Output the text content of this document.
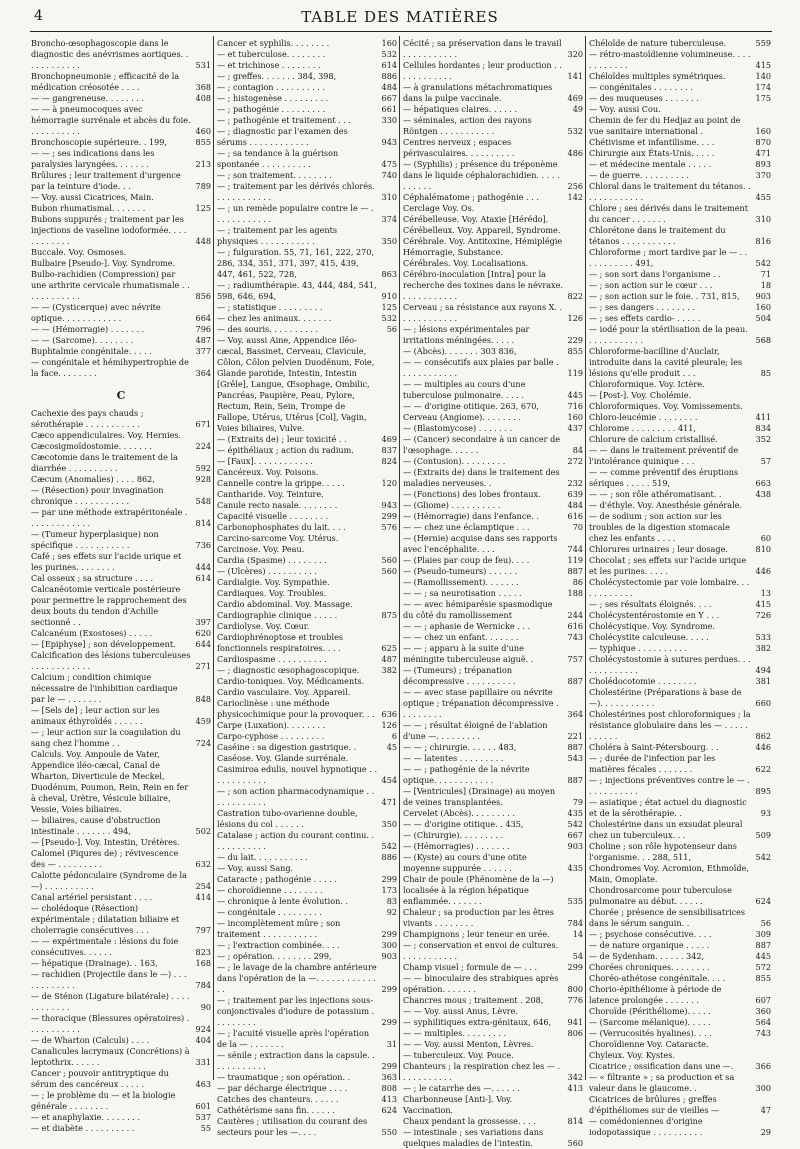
4	TABLE DES MATIÈRES
Broncho-œsophagoscopie dans le diagnostic des anévrismes aortiques. . . . . . . . . . . .	531
Bronchopneumonie ; efficacité de la médication créosotée . . . .	368
— — gangreneuse. . . . . . . .	408
— — à pneumocoques avec hémorragie surrénale et abcès du foie. . . . . . . . . . .	460
Bronchoscopie supérieure. . 199,	855
— — ; ses indications dans les paralysies laryngées. . . . . . .	213
Brûlures ; leur traitement d'urgence par la teinture d'iode. . .	789
— Voy. aussi Cicatrices, Main.
Bubon rhumatismal. . . . . . .	125
Bubons suppurés ; traitement par les injections de vaseline iodoformée. . . . . . . . . . . .	448
Buccale. Voy. Osmoses.
Bulbaire [Pseudo-]. Voy. Syndrome.
Bulbo-rachidien (Compression) par une arthrite cervicale rhumatismale . . . . . . . . . . . .	856
— — (Cysticerque) avec névrite optique. . . . . . . . . . . .	664
— — (Hémorragie) . . . . . . .	796
— — (Sarcome). . . . . . . .	487
Buphtalmie congénitale. . . . .	377
— congénitale et hémihypertrophie de la face. . . . . . . .	364
C
Cachexie des pays chauds ; sérothérapie . . . . . . . . . . .	671
Cæco appendiculaires. Voy. Hernies.
Cæcosigmoïdostomie. . . . . . .	224
Cæcotomie dans le traitement de la diarrhée . . . . . . . . . .	592
Cæcum (Anomalies) . . . . 862,	928
— (Résection) pour invagination chronique . . . . . . . . . . .	548
— par une méthode extrapéritonéale . . . . . . . . . . . . .	814
— (Tumeur hyperplasique) non spécifique . . . . . . . . . . .	736
Café ; ses effets sur l'acide urique et les purines. . . . . . . .	444
Cal osseux ; sa structure . . . .	614
Calcanéotomie verticale postérieure pour permettre le rapprochement des deux bouts du tendon d'Achille sectionné . .	397
Calcanéum (Exostoses) . . . . .	620
— [Epiphyse] ; son développement.	644
Calcification des lésions tuberculeuses . . . . . . . . . . . .	271
Calcium ; condition chimique nécessaire de l'inhibition cardiaque par le — . . . . . . .	848
— [Sels de] ; leur action sur les animaux éthyroïdés . . . . . .	459
— ; leur action sur la coagulation du sang chez l'homme . .	724
Calculs. Voy. Ampoule de Vater, Appendice iléo-cæcal, Canal de Wharton, Diverticule de Meckel, Duodénum, Poumon, Rein, Rein en fer à cheval, Urètre, Vésicule biliaire, Vessie, Voies biliaires.
— biliaires, cause d'obstruction intestinale . . . . . . . 494,	502
— [Pseudo-]. Voy. Intestin, Urétères.
Calomel (Piqures de) ; révivescence des — . . . . . . . . .	632
Calotte pédonculaire (Syndrome de la —) . . . . . . . . . .	254
Canal artériel persistant . . . .	414
— cholédoque (Résection) expérimentale ; dilatation biliaire et cholerragie consécutives . . .	797
— — expérimentale : lésions du foie consécutives. . . . . .	823
— hépatique (Drainage). . 163,	168
— rachidien (Projectile dans le —) . . . . . . . . . . . .	784
— de Sténon (Ligature bilatérale) . . . . . . . . . . . .	90
— thoracique (Blessures opératoires) . . . . . . . . . . .	924
— de Wharton (Calculs) . . . .	404
Canalicules lacrymaux (Concrétions) à leptothrix. . . . . .	331
Cancer ; pouvoir antitryptique du sérum des cancéreux . . . . .	463
— ; le problème du — et la biologie générale . . . . . . . .	601
— et anaphylaxie. . . . . . . .	537
— et diabète . . . . . . . . . .	55
Cancer et syphilis. . . . . . . .	160
— et tuberculose. . . . . . . .	532
— et trichinose . . . . . . . .	614
— ; greffes. . . . . . . 384, 398,	886
— ; contagion . . . . . . . . . .	484
— ; histogenèse . . . . . . . . .	667
— ; pathogénie . . . . . . . . .	661
— ; pathogénie et traitement . . .	330
— ; diagnostic par l'examen des sérums . . . . . . . . . . . .	943
— ; sa tendance à la guérison spontanée . . . . . . . . . .	475
— ; son traitement. . . . . . . .	740
— ; traitement par les dérivés chlorés. . . . . . . . . . . .	310
— ; un remède populaire contre le — . . . . . . . . . . . .	374
— ; traitement par les agents physiques . . . . . . . . . . .	350
— ; fulguration. 55, 71, 161, 222, 270, 286, 334, 351, 371, 397, 415, 439, 447, 461, 522, 728,	863
— ; radiumthérapie. 43, 444, 484, 541, 598, 646, 694,	910
— ; statistique . . . . . . . . .	125
— chez les animaux. . . . . . .	532
— des souris. . . . . . . . . .	56
— Voy. aussi Aine, Appendice iléo-cæcal, Bassinet, Cerveau, Clavicule, Côlon, Côlon pelvien Duodénum, Foie, Glande parotide, Intestin, Intestin [Grêle], Langue, Œsophage, Ombilic, Pancréas, Paupière, Peau, Pylore, Rectum, Rein, Sein, Trompe de Fallope, Utérus, Utérus [Col], Vagin, Voies biliaires, Vulve.
— (Extraits de) ; leur toxicité . .	469
— épithéliaux ; action du radium.	837
— [Faux]. . . . . . . . . . . .	824
Cancéreux. Voy. Poisons.
Cannelle contre la grippe. . . . .	120
Cantharide. Voy. Teinture.
Canule recto nasale. . . . . . . .	943
Capacité visuelle . . . . . . . .	299
Carbonophosphates du lait. . . .	576
Carcino-sarcome Voy. Utérus.
Carcinose. Voy. Peau.
Cardia (Spasme) . . . . . . . .	560
— (Ulcères) . . . . . . . . . .	560
Cardialgie. Voy. Sympathie.
Cardiaques. Voy. Troubles.
Cardio abdominal. Voy. Massage.
Cardiographie clinique . . . . .	875
Cardiolyse. Voy. Cœur.
Cardiophrénoptose et troubles fonctionnels respiratoires. . . .	625
Cardiospasme . . . . . . . . . .	487
— ; diagnostic œsophagoscopique.	382
Cardio-toniques. Voy. Médicaments.
Cardio vasculaire. Voy. Appareil.
Carioclinèse : une méthode physicochimique pour la provoquer. . . 636
Carpe (Luxation). . . . . . . .	126
Carpo-cyphose . . . . . . . . .	6
Caséine : sa digestion gastrique. .	45
Caséose. Voy. Glande surrénale.
Casimiroa edulis, nouvel hypnotique . . . . . . . . . . . .	454
— ; son action pharmacodynamique . . . . . . . . . . . .	471
Castration tubo-ovarienne double, lésions du col . . . . . .	350
Catalase ; action du courant continu. . . . . . . . . . . .	542
— du lait. . . . . . . . . . .	886
— Voy. aussi Sang.
Cataracte ; pathogénie . . . . .	299
— choroïdienne . . . . . . . .	173
— chronique à lente évolution. .	83
— congénitale . . . . . . . . .	92
— incomplètement mûre ; son traitement . . . . . . . . . . .	299
— ; l'extraction combinée. . . .	300
— ; opération. . . . . . . . 299,	903
— ; le lavage de la chambre antérieure dans l'opération de la —. . . . . . . . . . . . . .	299
— ; traitement par les injections sous-conjonctivales d'iodure de potassium . . . . . . . . .	299
— ; l'acuité visuelle après l'opération de la — . . . . . . .	31
— sénile ; extraction dans la capsule. . . . . . . . . . . .	299
— traumatique ; son opération. .	363
— par décharge électrique . . . .	808
Catches des chanteurs. . . . . .	413
Cathétérisme sans fin. . . . . .	624
Cautères ; utilisation du courant des secteurs pour les —. . . .	550
Cécité ; sa préservation dans le travail . . . . . . . . . . .	320
Cellules hordantes ; leur production . . . . . . . . . . . .	141
— à granulations métachromatiques dans la pulpe vaccinale.	469
— hépatiques claires. . . . . .	49
— séminales, action des rayons Röntgen . . . . . . . . . . .	532
Centres nerveux ; espaces périvasculaires. . . . . . . . . .	486
— (Syphilis) ; présence du tréponème dans le liquide céphalorachidien. . . . . . . . . . .	256
Céphalématome ; pathogénie . . .	142
Cerclage Voy. Os.
Cérébelleuse. Voy. Ataxie [Hérédo].
Cérébelleux. Voy. Appareil, Syndrome.
Cérébrale. Voy. Antitoxine, Hémiplégie Hémorragie, Substance.
Cérébrales. Voy. Localisations.
Cérébro-inoculation [Intra] pour la recherche des toxines dans le névraxe. . . . . . . . . . . .	822
Cerveau ; sa résistance aux rayons X. . . . . . . . . . . . .	126
— ; lésions expérimentales par irritations méningées. . . . .	229
— (Abcès). . . . . . . 303 836,	855
— — consécutifs aux plaies par balle . . . . . . . . . . . .	119
— — multiples au cours d'une tuberculose pulmonaire. . . . .	445
— — d'origine otitique. 263, 670,	716
Cerveau (Angiome). . . . . . . .	160
— (Blastomycose) . . . . . . .	437
— (Cancer) secondaire à un cancer de l'œsophage. . . . . .	84
— (Contusion). . . . . . . . .	272
— (Extraits de) dans le traitement des maladies nerveuses. .	232
— (Fonctions) des lobes frontaux.	639
— (Gliome) . . . . . . . . . .	484
— (Hémorragie) dans l'enfance. .	616
— — chez une éclamptique . . .	70
— (Hernie) acquise dans ses rapports avec l'encéphalite. . . .	744
— (Plaies par coup de feu). . . .	119
— (Pseudo-tumeurs) . . . . . .	887
— (Ramollissement). . . . . . .	86
— — ; sa neurotisation . . . . .	188
— — avec hémiparésie spasmodique du côté du ramollissement	244
— — ; aphasie de Wernicke . . .	616
— — chez un enfant. . . . . . .	743
— — ; apparu à la suite d'une méningite tuberculeuse aiguë. .	757
— (Tumeurs) ; trépanation décompressive . . . . . . . . . .	887
— — avec stase papillaire ou névrite optique ; trépanation décompressive . . . . . . . . .	364
— — ; résultat éloigné de l'ablation d'une —. . . . . . . . .	221
— — ; chirurgie. . . . . . 483,	887
— — latentes . . . . . . . . .	543
— — ; pathogénie de la névrite optique. . . . . . . . . . . .	887
— [Ventricules] (Drainage) au moyen de veines transplantées.	79
Cervelet (Abcès). . . . . . . . .	435
— — d'origine otitique. . 435,	542
— (Chirurgie). . . . . . . . .	667
— (Hémorragies) . . . . . . .	903
— (Kyste) au cours d'une otite moyenne suppurée . . . . . .	435
Chair de poule (Phénomène de la —) localisée à la région hépatique enflammée. . . . . . .	535
Chaleur ; sa production par les êtres vivants . . . . . . . .	784
Champignons ; leur teneur en urée.	14
— ; conservation et envoi de cultures. . . . . . . . . . . .	54
Champ visuel ; formule de — . . .	299
— — binoculaire des strabiques après opération. . . . . . .	800
Chancres mous ; traitement . 208,	776
— — Voy. aussi Anus, Lèvre.
— syphilitiques extra-génitaux, 646,	941
— — multiples. . . . . . . . .	806
— — Voy. aussi Menton, Lèvres.
— tuberculeux. Voy. Pouce.
Chanteurs ; la respiration chez les — . . . . . . . . . . .	342
— ; le catarrhe des —. . . . . .	413
Charbonneuse [Anti-]. Voy. Vaccination.
Chaux pendant la grossesse. . . .	814
— intestinale ; ses variations dans quelques maladies de l'intestin.	560
Chéloïde de nature tuberculeuse.	559
— rétro-mastoïdienne volumineuse. . . . . . . . . . . .	415
Chéloïdes multiples symétriques.	140
— congénitales . . . . . . . .	174
— des muqueuses . . . . . . .	175
— Voy. aussi Cou.
Chemin de fer du Hedjaz au point de vue sanitaire international .	160
Chétivisme et infantilisme. . . .	870
Chirurgie aux États-Unis. . . . .	471
— et médecine mentale . . . . .	893
— de guerre. . . . . . . . . .	370
Chloral dans le traitement du tétanos. . . . . . . . . . . . .	455
Chlore ; ses dérivés dans le traitement du cancer . . . . . . .	310
Chlorétone dans le traitement du tétanos . . . . . . . . . . .	816
Chloroforme ; mort tardive par le — . . . . . . . . . . . 491,	542
— ; son sort dans l'organisme . .	71
— ; son action sur le cœur . . .	18
— ; son action sur le foie. . 731, 815,	903
— ; ses dangers . . . . . . . .	160
— ; ses effets cardio- . . . . .	504
— iodé pour la stérilisation de la peau. . . . . . . . . . . .	568
Chloroforme-bacilline d'Auclair, introduite dans la cavité pleurale; les lésions qu'elle produit . . .	85
Chloroformique. Voy. Ictère.
— [Post-]. Voy. Cholémie.
Chloroformiques. Voy. Vomissements.
Chloro-leucémie . . . . . . . .	411
Chlorome . . . . . . . . . 411,	834
Chlorure de calcium cristallisé.	352
— — dans le traitement préventif de l'intolérance quinique . . .	57
— — comme préventif des éruptions sériques . . . . . 519,	663
— — ; son rôle athéromatisant. .	438
— d'éthyle. Voy. Anesthésie générale.
— de sodium ; son action sur les troubles de la digestion stomacale chez les enfants . . . .	60
Chlorures urinaires ; leur dosage.	810
Chocolat ; ses effets sur l'acide urique et les purines. . . . .	446
Cholécystectomie par voie lombaire. . . . . . . . . . . .	13
— ; ses résultats éloignés. . . .	415
Cholécystentérostomie en Y . . .	726
Cholécystique. Voy. Syndrome.
Cholécystite calculeuse. . . . .	533
— typhique . . . . . . . . . .	382
Cholécystostomie à sutures perdues. . . . . . . . . . . . .	494
Cholédocotomie . . . . . . . .	381
Cholestérine (Préparations à base de —). . . . . . . . . . .	660
Cholestérines post chloroformiques ; la résistance globulaire dans les — . . . . . . . . . . .	862
Choléra à Saint-Pétersbourg. . .	446
— ; durée de l'infection par les matières fécales . . . . . . .	622
— ; injections préventives contre le — . . . . . . . . . . .	895
— asiatique ; état actuel du diagnostic et de la sérothérapie. .	93
Cholestérine dans un exsudat pleural chez un tuberculeux. . .	509
Choline ; son rôle hypotenseur dans l'organisme. . . 288, 511,	542
Chondromes Voy. Acromion, Ethmoïde, Main, Omoplate.
Chondrosarcome pour tuberculose pulmonaire au début. . . . . .	624
Chorée ; présence de sensibilisatrices dans le sérum sanguin. .	56
— ; psychose consécutive. . . .	309
— de nature organique . . . . .	887
— de Sydenham. . . . . . 342,	445
Chorées chroniques. . . . . . . .	572
Choréo-athétose congénitale. . . .	855
Chorio-épithéliome à période de latence prolongée . . . . . . .	607
Choroïde (Périthéliome). . . . .	360
— (Sarcome mélanique). . . . .	564
— (Verrucosités hyalines). . . .	743
Choroïdienne Voy. Cataracte.
Chyleux. Voy. Kystes.
Cicatrice ; ossification dans une —.	366
— « filtrante » ; sa production et sa valeur dans le glaucome. .	300
Cicatrices de brûlures ; greffes d'épithéliomes sur de vieilles —	47
— comédoniennes d'origine iodopotassique . . . . . . . . . .	29
